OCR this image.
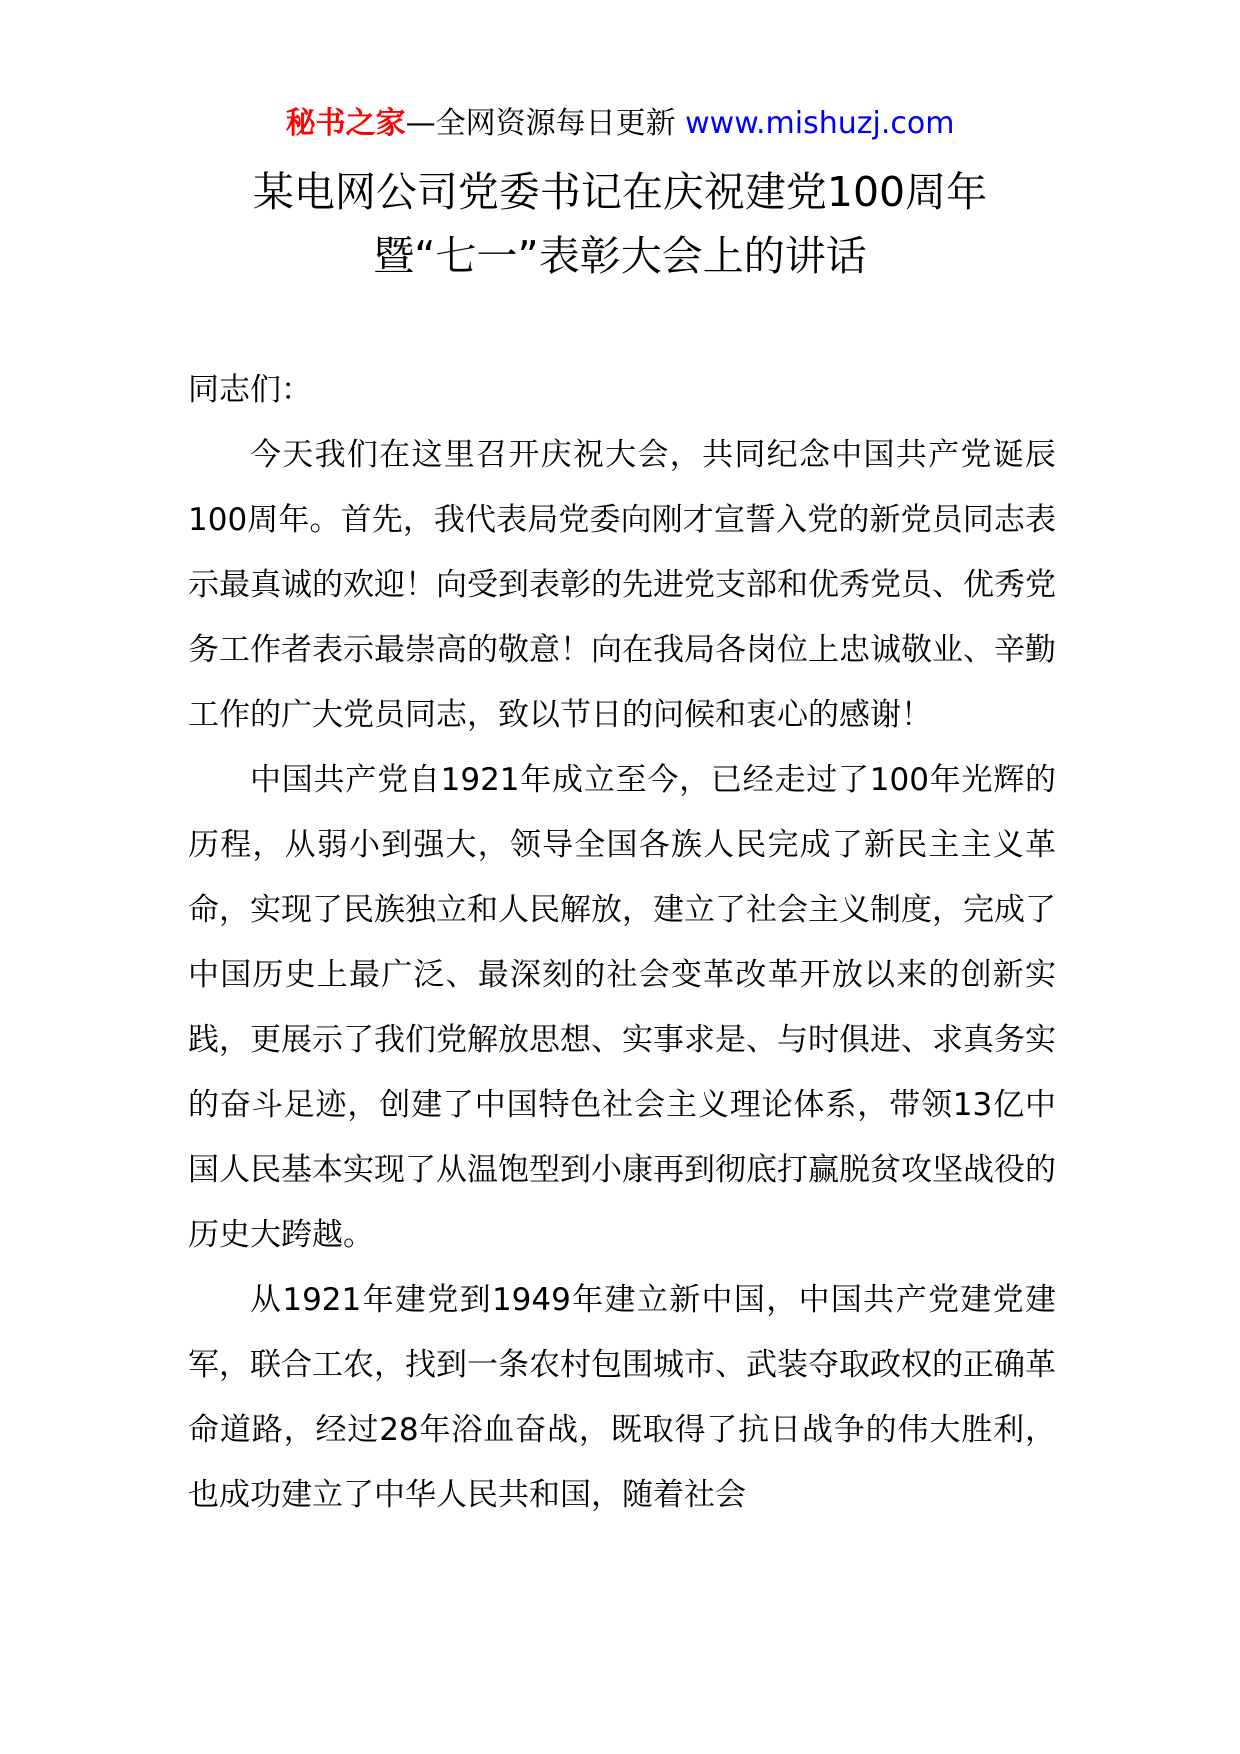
秘书之家—全网资源每日更新 www.mishuzj.com
某电网公司党委书记在庆祝建党100周年
暨“七一”表彰大会上的讲话

同志们：

今天我们在这里召开庆祝大会，共同纪念中国共产党诞辰100周年。首先，我代表局党委向刚才宣誓入党的新党员同志表示最真诚的欢迎！向受到表彰的先进党支部和优秀党员、优秀党务工作者表示最崇高的敬意！向在我局各岗位上忠诚敬业、辛勤工作的广大党员同志，致以节日的问候和衷心的感谢！

中国共产党自1921年成立至今，已经走过了100年光辉的历程，从弱小到强大，领导全国各族人民完成了新民主主义革命，实现了民族独立和人民解放，建立了社会主义制度，完成了中国历史上最广泛、最深刻的社会变革改革开放以来的创新实践，更展示了我们党解放思想、实事求是、与时俱进、求真务实的奋斗足迹，创建了中国特色社会主义理论体系，带领13亿中国人民基本实现了从温饱型到小康再到彻底打赢脱贫攻坚战役的历史大跨越。

从1921年建党到1949年建立新中国，中国共产党建党建军，联合工农，找到一条农村包围城市、武装夺取政权的正确革命道路，经过28年浴血奋战，既取得了抗日战争的伟大胜利，也成功建立了中华人民共和国，随着社会
